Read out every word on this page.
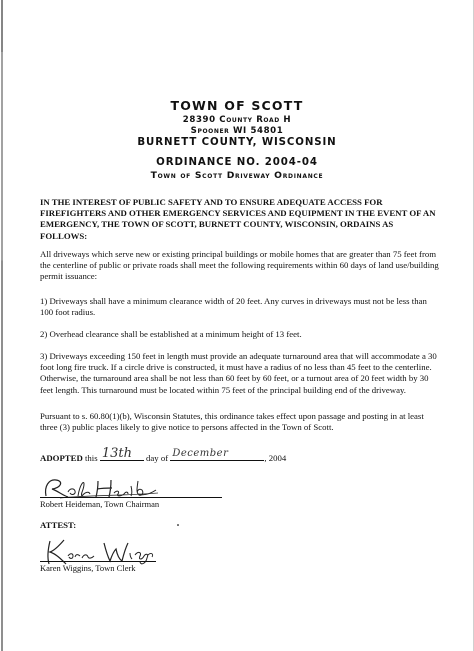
TOWN OF SCOTT
28390 County Road H
Spooner WI 54801
BURNETT COUNTY, WISCONSIN
ORDINANCE NO. 2004-04
Town of Scott Driveway Ordinance
IN THE INTEREST OF PUBLIC SAFETY AND TO ENSURE ADEQUATE ACCESS FOR FIREFIGHTERS AND OTHER EMERGENCY SERVICES AND EQUIPMENT IN THE EVENT OF AN EMERGENCY, THE TOWN OF SCOTT, BURNETT COUNTY, WISCONSIN, ORDAINS AS FOLLOWS:
All driveways which serve new or existing principal buildings or mobile homes that are greater than 75 feet from the centerline of public or private roads shall meet the following requirements within 60 days of land use/building permit issuance:
1) Driveways shall have a minimum clearance width of 20 feet. Any curves in driveways must not be less than 100 foot radius.
2) Overhead clearance shall be established at a minimum height of 13 feet.
3) Driveways exceeding 150 feet in length must provide an adequate turnaround area that will accommodate a 30 foot long fire truck. If a circle drive is constructed, it must have a radius of no less than 45 feet to the centerline. Otherwise, the turnaround area shall be not less than 60 feet by 60 feet, or a turnout area of 20 feet width by 30 feet length. This turnaround must be located within 75 feet of the principal building end of the driveway.
Pursuant to s. 60.80(1)(b), Wisconsin Statutes, this ordinance takes effect upon passage and posting in at least three (3) public places likely to give notice to persons affected in the Town of Scott.
ADOPTED this 13th day of December	, 2004
Robert Heideman, Town Chairman
ATTEST:
Karen Wiggins, Town Clerk
